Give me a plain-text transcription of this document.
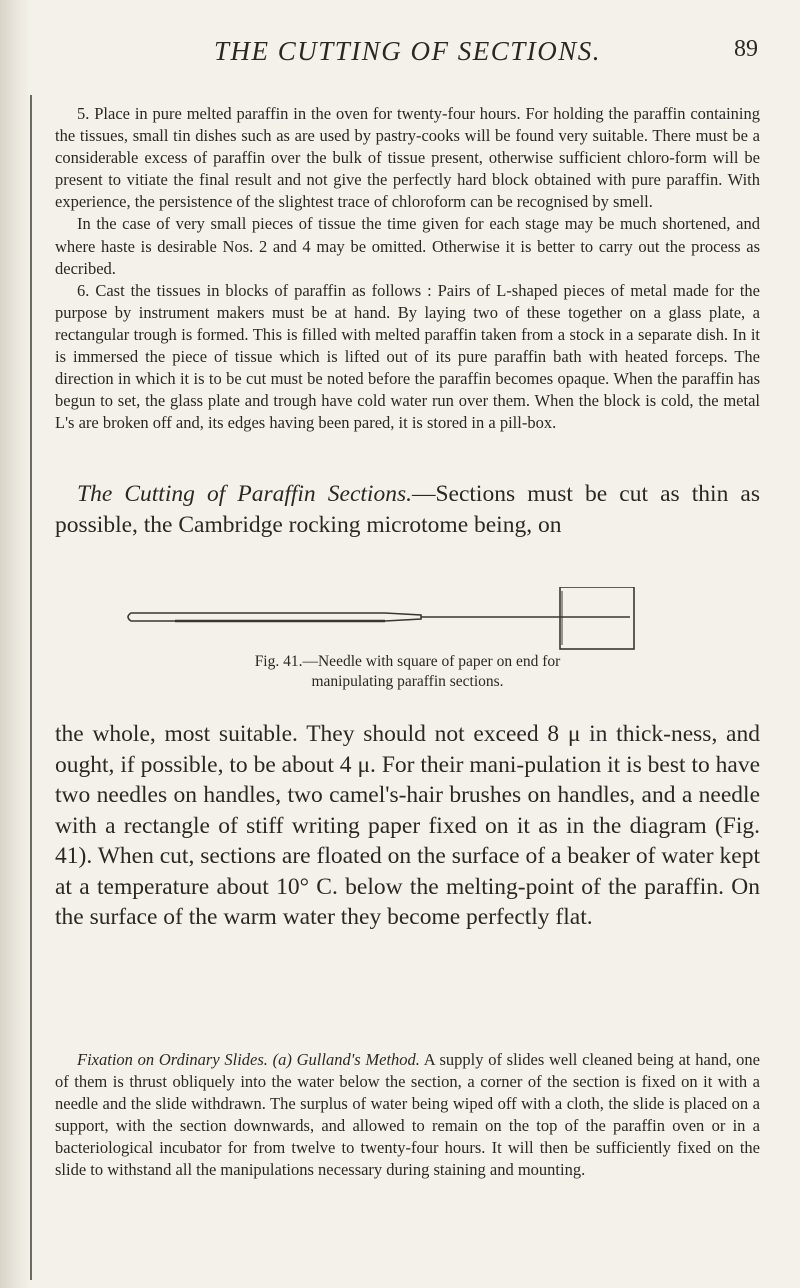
THE CUTTING OF SECTIONS.	89

5. Place in pure melted paraffin in the oven for twenty-four hours. For holding the paraffin containing the tissues, small tin dishes such as are used by pastry-cooks will be found very suitable. There must be a considerable excess of paraffin over the bulk of tissue present, otherwise sufficient chloro-form will be present to vitiate the final result and not give the perfectly hard block obtained with pure paraffin. With experience, the persistence of the slightest trace of chloroform can be recognised by smell.

In the case of very small pieces of tissue the time given for each stage may be much shortened, and where haste is desirable Nos. 2 and 4 may be omitted. Otherwise it is better to carry out the process as decribed.

6. Cast the tissues in blocks of paraffin as follows : Pairs of L-shaped pieces of metal made for the purpose by instrument makers must be at hand. By laying two of these together on a glass plate, a rectangular trough is formed. This is filled with melted paraffin taken from a stock in a separate dish. In it is immersed the piece of tissue which is lifted out of its pure paraffin bath with heated forceps. The direction in which it is to be cut must be noted before the paraffin becomes opaque. When the paraffin has begun to set, the glass plate and trough have cold water run over them. When the block is cold, the metal L's are broken off and, its edges having been pared, it is stored in a pill-box.

The Cutting of Paraffin Sections.—Sections must be cut as thin as possible, the Cambridge rocking microtome being, on

Fig. 41.—Needle with square of paper on end for
manipulating paraffin sections.

the whole, most suitable. They should not exceed 8 μ in thick-ness, and ought, if possible, to be about 4 μ. For their mani-pulation it is best to have two needles on handles, two camel's-hair brushes on handles, and a needle with a rectangle of stiff writing paper fixed on it as in the diagram (Fig. 41). When cut, sections are floated on the surface of a beaker of water kept at a temperature about 10° C. below the melting-point of the paraffin. On the surface of the warm water they become perfectly flat.

Fixation on Ordinary Slides. (a) Gulland's Method. A supply of slides well cleaned being at hand, one of them is thrust obliquely into the water below the section, a corner of the section is fixed on it with a needle and the slide withdrawn. The surplus of water being wiped off with a cloth, the slide is placed on a support, with the section downwards, and allowed to remain on the top of the paraffin oven or in a bacteriological incubator for from twelve to twenty-four hours. It will then be sufficiently fixed on the slide to withstand all the manipulations necessary during staining and mounting.
